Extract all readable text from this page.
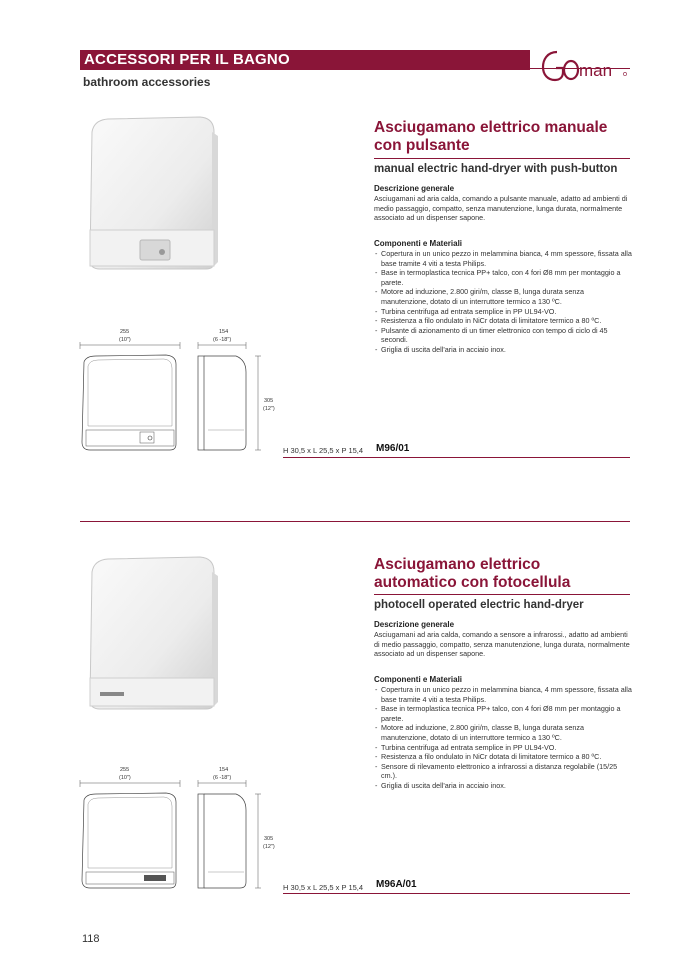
ACCESSORI PER IL BAGNO
bathroom accessories
man
Asciugamano elettrico manuale
con pulsante
manual electric hand-dryer with push-button
Descrizione generale
Asciugamani ad aria calda, comando a pulsante manuale, adatto ad ambienti di medio passaggio, compatto, senza manutenzione, lunga durata, normalmente associato ad un dispenser sapone.
Componenti e Materiali
- Copertura in un unico pezzo in melammina bianca, 4 mm spessore, fissata alla base tramite 4 viti a testa Philips.
- Base in termoplastica tecnica PP+ talco, con 4 fori Ø8 mm per montaggio a parete.
- Motore ad induzione, 2.800 giri/m, classe B, lunga durata senza manutenzione, dotato di un interruttore termico a 130 ºC.
- Turbina centrifuga ad entrata semplice in PP UL94-VO.
- Resistenza a filo ondulato in NiCr dotata di limitatore termico a 80 ºC.
- Pulsante di azionamento di un timer elettronico con tempo di ciclo di 45 secondi.
- Griglia di uscita dell'aria in acciaio inox.
255
(10")
154
(6 -18")
305
(12")
H 30,5 x L 25,5 x P 15,4 M96/01
Asciugamano elettrico
automatico con fotocellula
photocell operated electric hand-dryer
Descrizione generale
Asciugamani ad aria calda, comando a sensore a infrarossi., adatto ad ambienti di medio passaggio, compatto, senza manutenzione, lunga durata, normalmente associato ad un dispenser sapone.
Componenti e Materiali
- Copertura in un unico pezzo in melammina bianca, 4 mm spessore, fissata alla base tramite 4 viti a testa Philips.
- Base in termoplastica tecnica PP+ talco, con 4 fori Ø8 mm per montaggio a parete.
- Motore ad induzione, 2.800 giri/m, classe B, lunga durata senza manutenzione, dotato di un interruttore termico a 130 ºC.
- Turbina centrifuga ad entrata semplice in PP UL94-VO.
- Resistenza a filo ondulato in NiCr dotata di limitatore termico a 80 ºC.
- Sensore di rilevamento elettronico a infrarossi a distanza regolabile (15/25 cm.).
- Griglia di uscita dell'aria in acciaio inox.
255
(10")
154
(6 -18")
305
(12")
H 30,5 x L 25,5 x P 15,4 M96A/01
118
